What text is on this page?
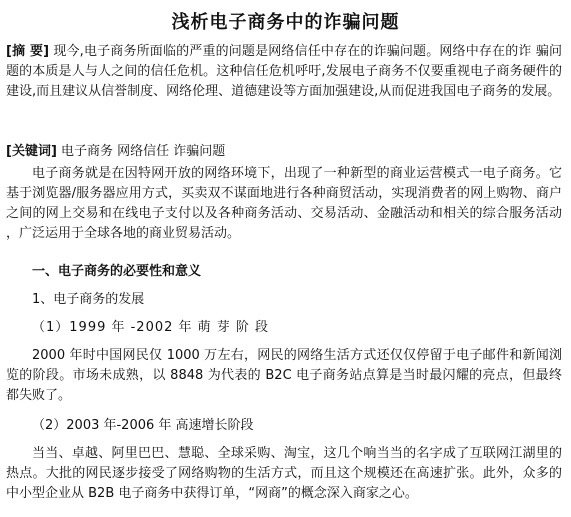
浅析电子商务中的诈骗问题

[摘 要] 现今,电子商务所面临的严重的问题是网络信任中存在的诈骗问题。网络中存在的诈 骗问题的本质是人与人之间的信任危机。这种信任危机呼吁,发展电子商务不仅要重视电子商务硬件的建设,而且建议从信誉制度、网络伦理、道德建设等方面加强建设,从而促进我国电子商务的发展。

[关键词] 电子商务 网络信任 诈骗问题

电子商务就是在因特网开放的网络环境下，出现了一种新型的商业运营模式一电子商务。它基于浏览器/服务器应用方式，买卖双不谋面地进行各种商贸活动，实现消费者的网上购物、商户之间的网上交易和在线电子支付以及各种商务活动、交易活动、金融活动和相关的综合服务活动 ，广泛运用于全球各地的商业贸易活动。

一、电子商务的必要性和意义

1、电子商务的发展

（1）1999 年 -2002 年 萌 芽 阶 段

2000 年时中国网民仅 1000 万左右，网民的网络生活方式还仅仅停留于电子邮件和新闻浏览的阶段。市场未成熟，以 8848 为代表的 B2C 电子商务站点算是当时最闪耀的亮点，但最终都失败了。

（2）2003 年-2006 年 高速增长阶段

当当、卓越、阿里巴巴、慧聪、全球采购、淘宝，这几个响当当的名字成了互联网江湖里的热点。大批的网民逐步接受了网络购物的生活方式，而且这个规模还在高速扩张。此外，众多的中小型企业从 B2B 电子商务中获得订单，“网商”的概念深入商家之心。
